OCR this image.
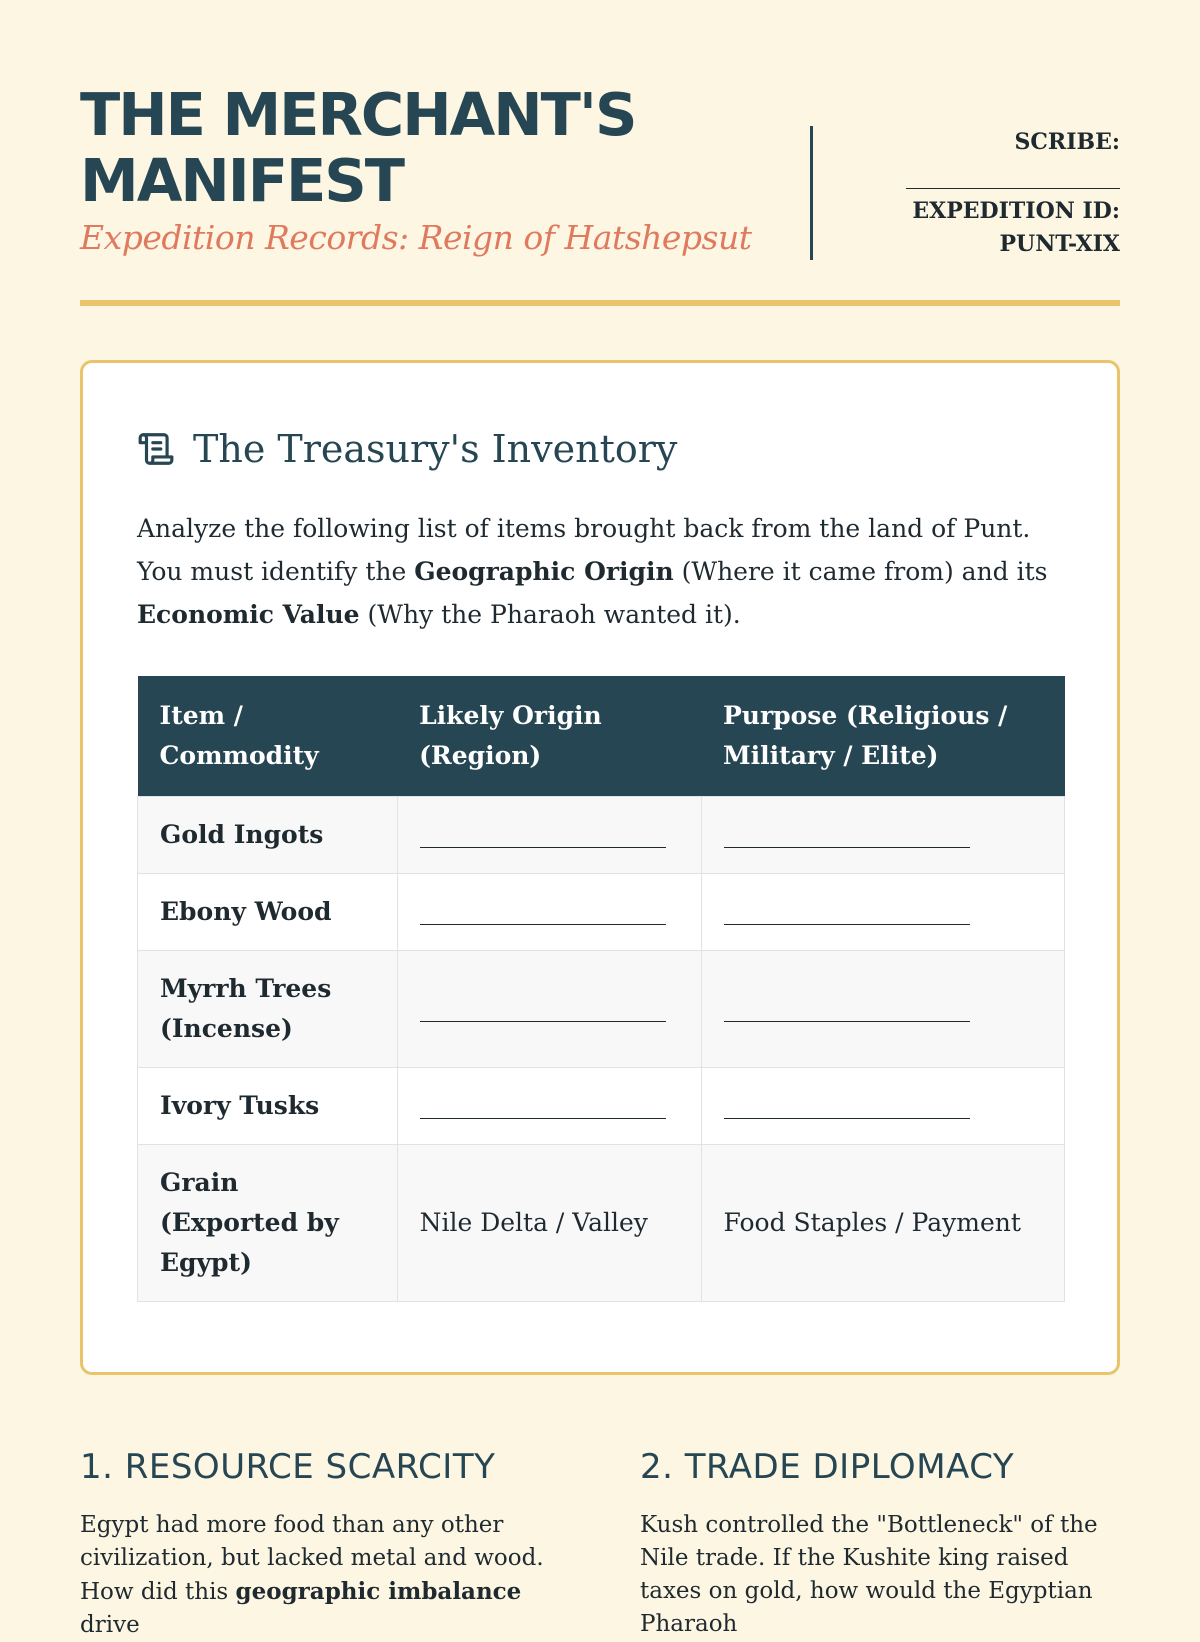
THE MERCHANT'S MANIFEST
Expedition Records: Reign of Hatshepsut
SCRIBE:
EXPEDITION ID: PUNT-XIX
The Treasury's Inventory

Analyze the following list of items brought back from the land of Punt. You must identify the Geographic Origin (Where it came from) and its Economic Value (Why the Pharaoh wanted it).

Item / Commodity	Likely Origin (Region)	Purpose (Religious / Military / Elite)
Gold Ingots		
Ebony Wood		
Myrrh Trees (Incense)		
Ivory Tusks		
Grain (Exported by Egypt)	Nile Delta / Valley	Food Staples / Payment
1. RESOURCE SCARCITY

Egypt had more food than any other civilization, but lacked metal and wood. How did this geographic imbalance drive

2. TRADE DIPLOMACY

Kush controlled the "Bottleneck" of the Nile trade. If the Kushite king raised taxes on gold, how would the Egyptian Pharaoh
